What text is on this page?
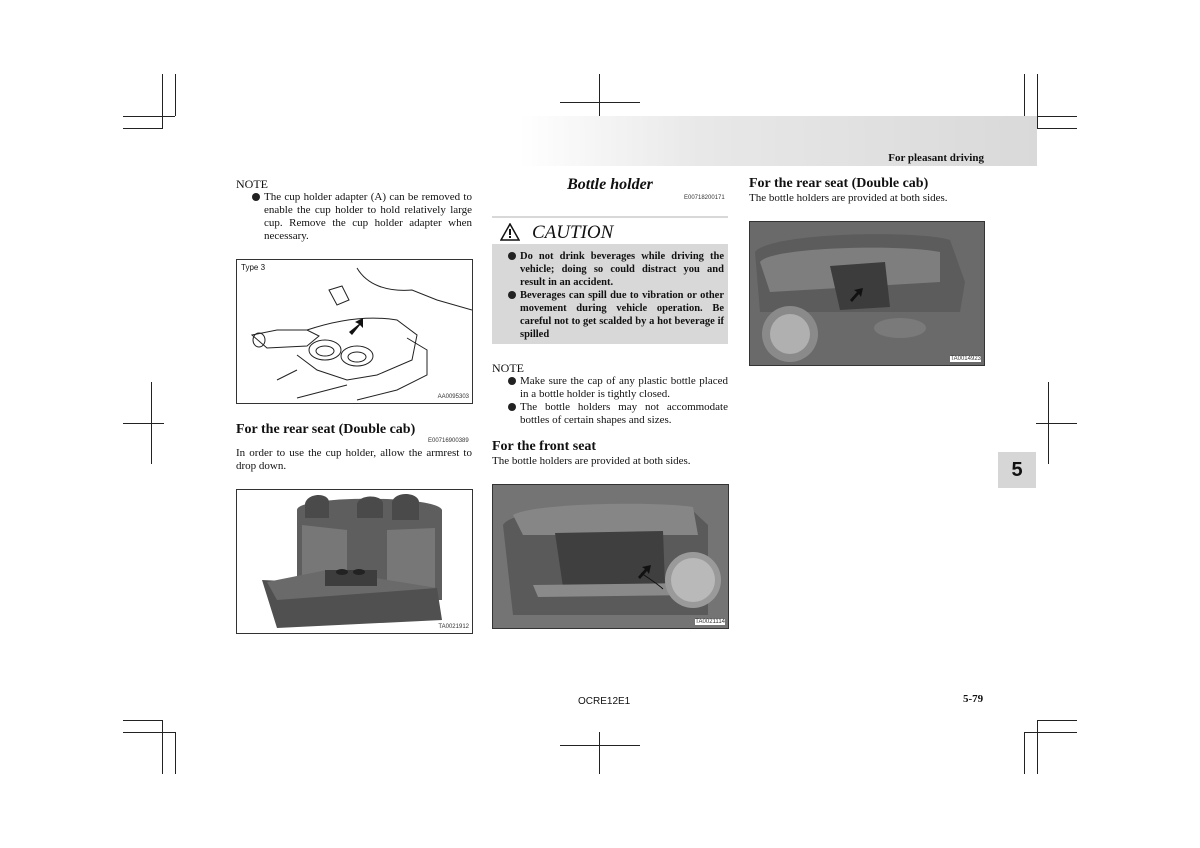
For pleasant driving
NOTE
The cup holder adapter (A) can be removed to enable the cup holder to hold relatively large cup. Remove the cup holder adapter when necessary.
Type 3
AA0095303
For the rear seat (Double cab)
E00716900389
In order to use the cup holder, allow the armrest to drop down.
TA0021912
Bottle holder
E00718200171
CAUTION
Do not drink beverages while driving the vehicle; doing so could distract you and result in an accident.
Beverages can spill due to vibration or other movement during vehicle operation. Be careful not to get scalded by a hot beverage if spilled
NOTE
Make sure the cap of any plastic bottle placed in a bottle holder is tightly closed.
The bottle holders may not accommodate bottles of certain shapes and sizes.
For the front seat
The bottle holders are provided at both sides.
TA0021114
For the rear seat (Double cab)
The bottle holders are provided at both sides.
TA0014923
5
OCRE12E1	5-79
